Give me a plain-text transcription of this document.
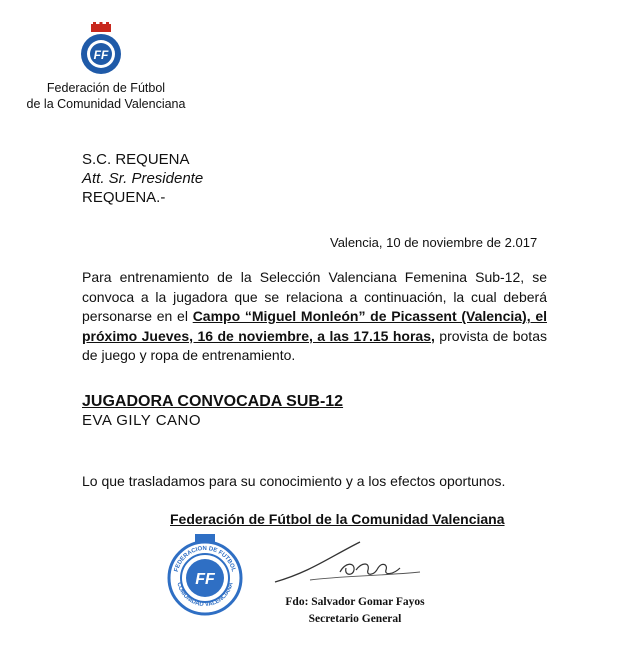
FF
Federación de Fútbol
de la Comunidad Valenciana
S.C. REQUENA
Att. Sr. Presidente
REQUENA.-
Valencia, 10 de noviembre de 2.017
Para entrenamiento de la Selección Valenciana Femenina Sub-12, se convoca a la jugadora que se relaciona a continuación, la cual deberá personarse en el Campo “Miguel Monleón” de Picassent (Valencia), el próximo Jueves, 16 de noviembre, a las 17.15 horas, provista de botas de juego y ropa de entrenamiento.
JUGADORA CONVOCADA SUB-12
EVA GILY CANO
Lo que trasladamos para su conocimiento y a los efectos oportunos.
Federación de Fútbol de la Comunidad Valenciana
FF
FEDERACION DE FUTBOL
COMUNIDAD VALENCIANA
Fdo: Salvador Gomar Fayos
Secretario General
